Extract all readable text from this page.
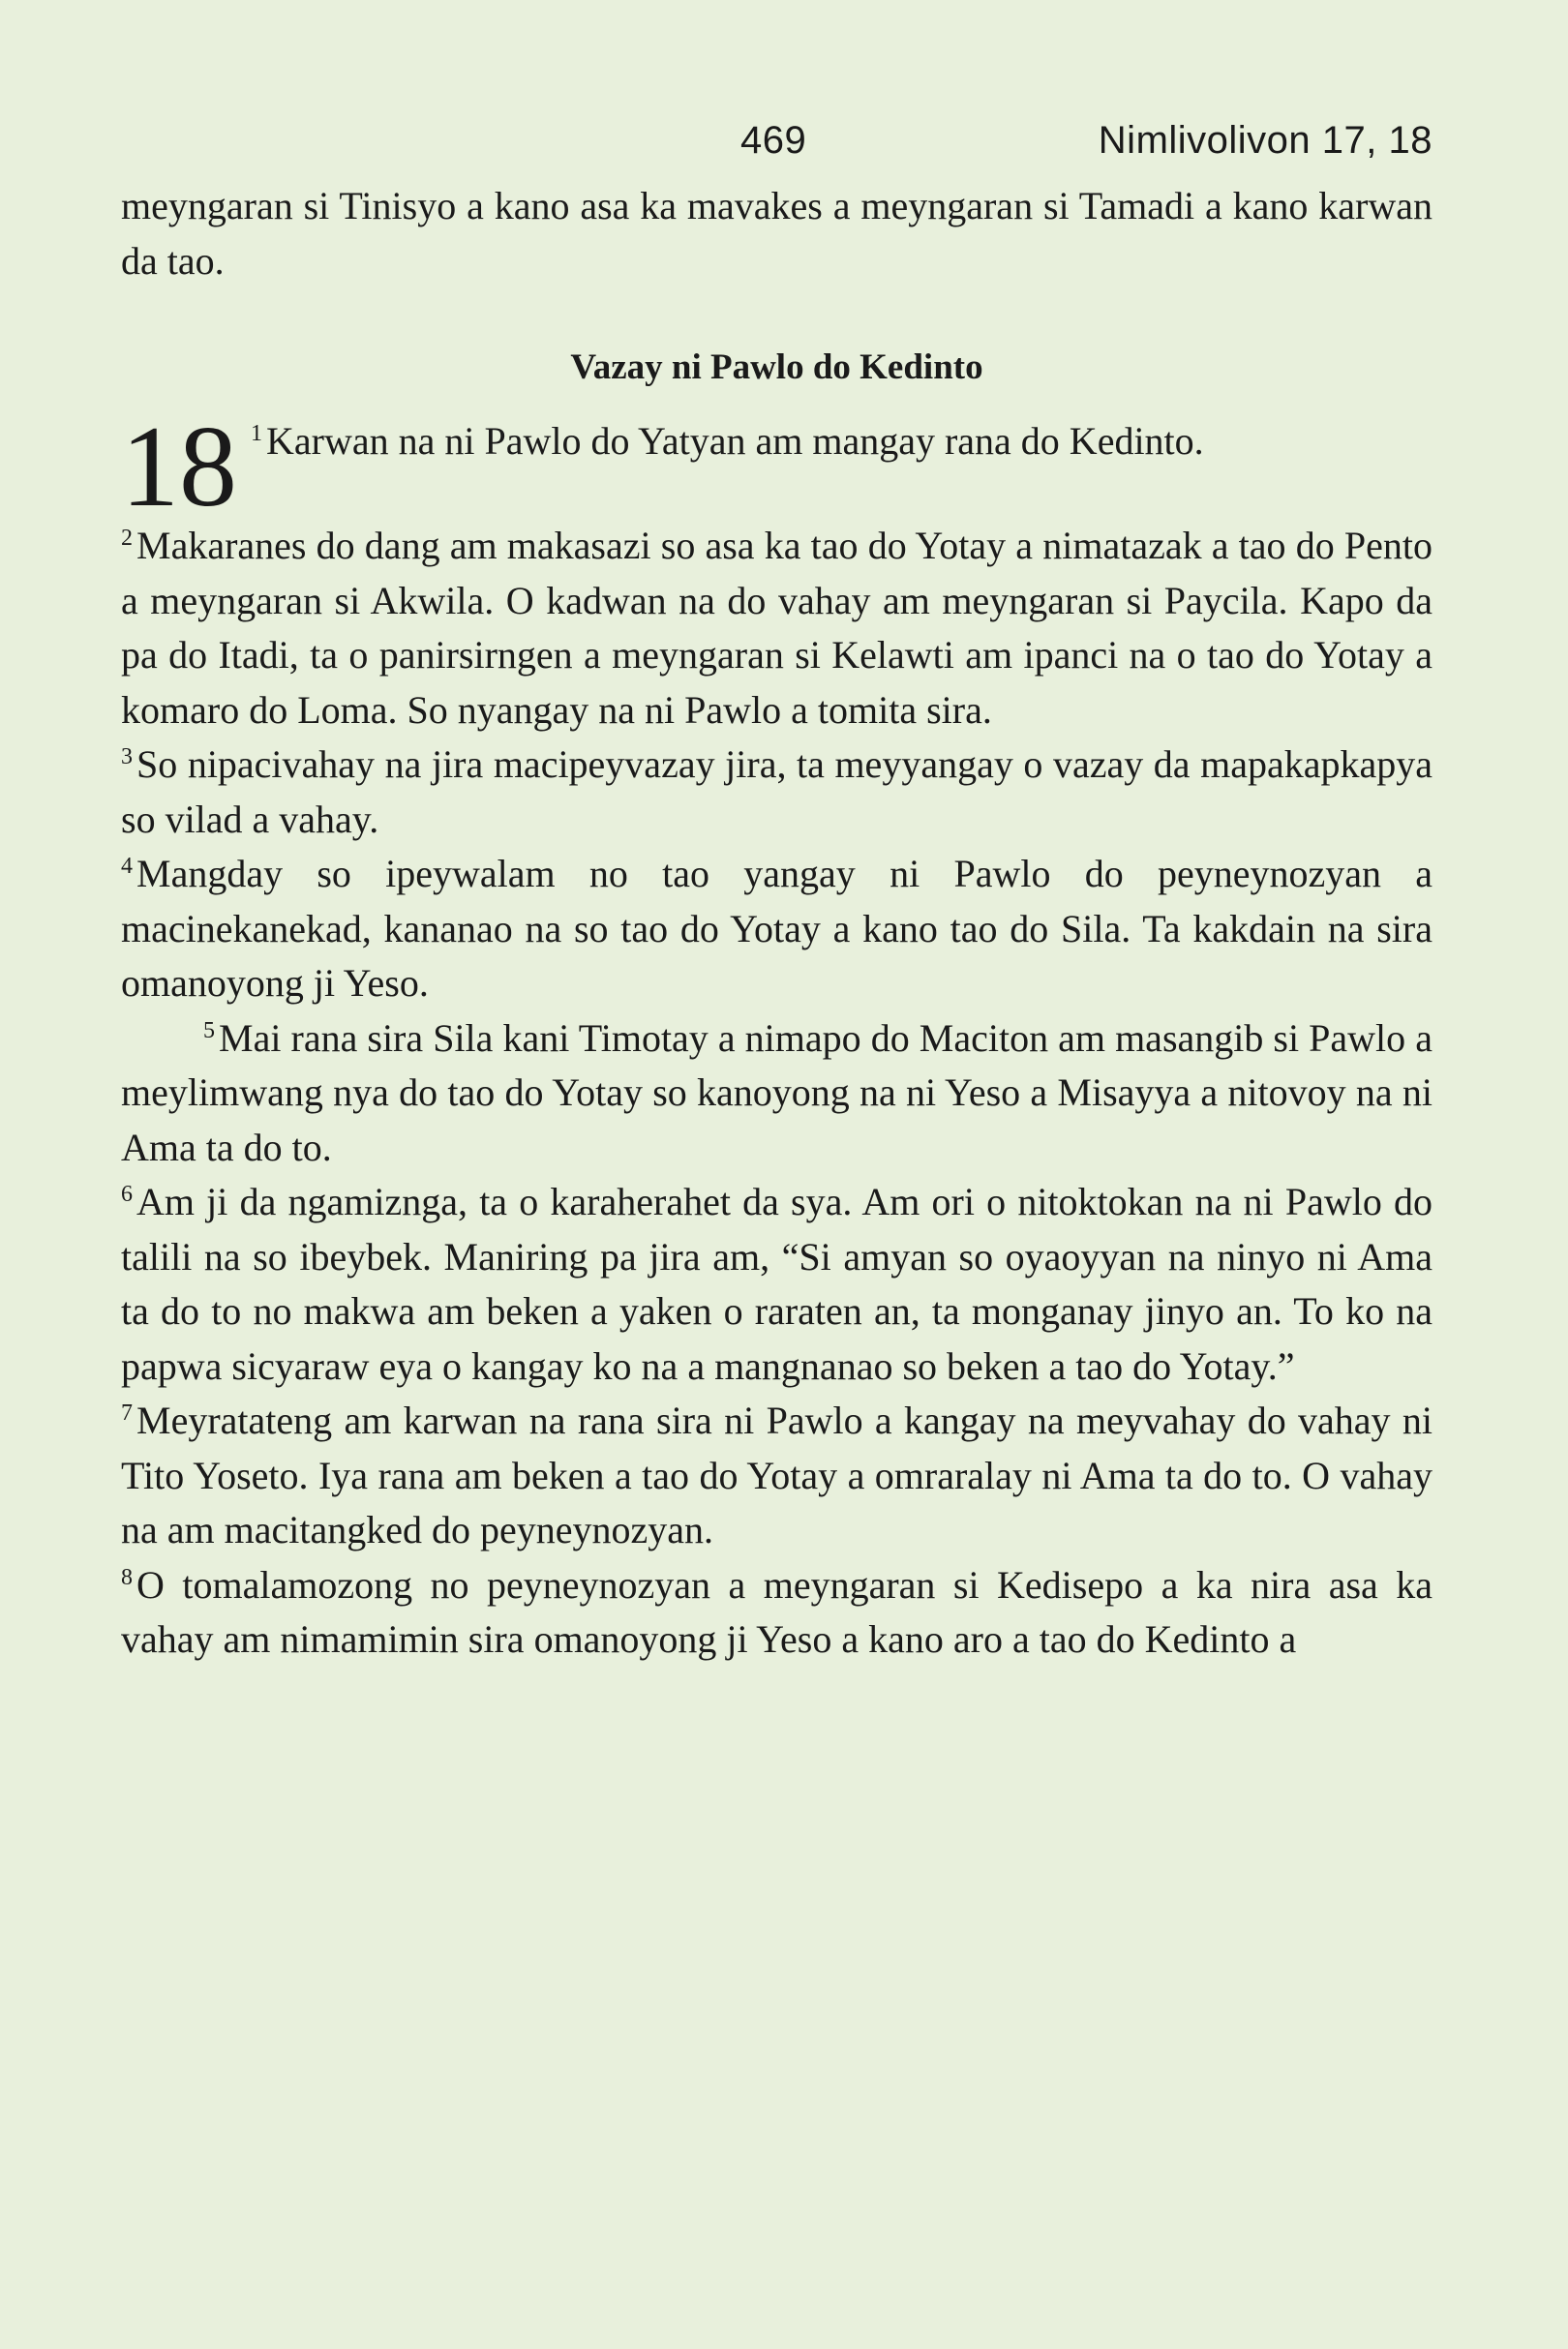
469	Nimlivolivon 17, 18

meyngaran si Tinisyo a kano asa ka mavakes a meyngaran si Tamadi a kano karwan da tao.

Vazay ni Pawlo do Kedinto
18 $^1$ Karwan na ni Pawlo do Yatyan am mangay rana do Kedinto.

$^2$ Makaranes do dang am makasazi so asa ka tao do Yotay a nimatazak a tao do Pento a meyngaran si Akwila. O kadwan na do vahay am meyngaran si Paycila. Kapo da pa do Itadi, ta o panirsirngen a meyngaran si Kelawti am ipanci na o tao do Yotay a komaro do Loma. So nyangay na ni Pawlo a tomita sira.

$^3$ So nipacivahay na jira macipeyvazay jira, ta meyyangay o vazay da mapakapkapya so vilad a vahay.

$^4$ Mangday so ipeywalam no tao yangay ni Pawlo do peyneynozyan a macinekanekad, kananao na so tao do Yotay a kano tao do Sila. Ta kakdain na sira omanoyong ji Yeso.

$^5$ Mai rana sira Sila kani Timotay a nimapo do Maciton am masangib si Pawlo a meylimwang nya do tao do Yotay so kanoyong na ni Yeso a Misayya a nitovoy na ni Ama ta do to.

$^6$ Am ji da ngamiznga, ta o karaherahet da sya. Am ori o nitoktokan na ni Pawlo do talili na so ibeybek. Maniring pa jira am, “Si amyan so oyaoyyan na ninyo ni Ama ta do to no makwa am beken a yaken o raraten an, ta monganay jinyo an. To ko na papwa sicyaraw eya o kangay ko na a mangnanao so beken a tao do Yotay.”

$^7$ Meyratateng am karwan na rana sira ni Pawlo a kangay na meyvahay do vahay ni Tito Yoseto. Iya rana am beken a tao do Yotay a omraralay ni Ama ta do to. O vahay na am macitangked do peyneynozyan.

$^8$ O tomalamozong no peyneynozyan a meyngaran si Kedisepo a ka nira asa ka vahay am nimamimin sira omanoyong ji Yeso a kano aro a tao do Kedinto a
